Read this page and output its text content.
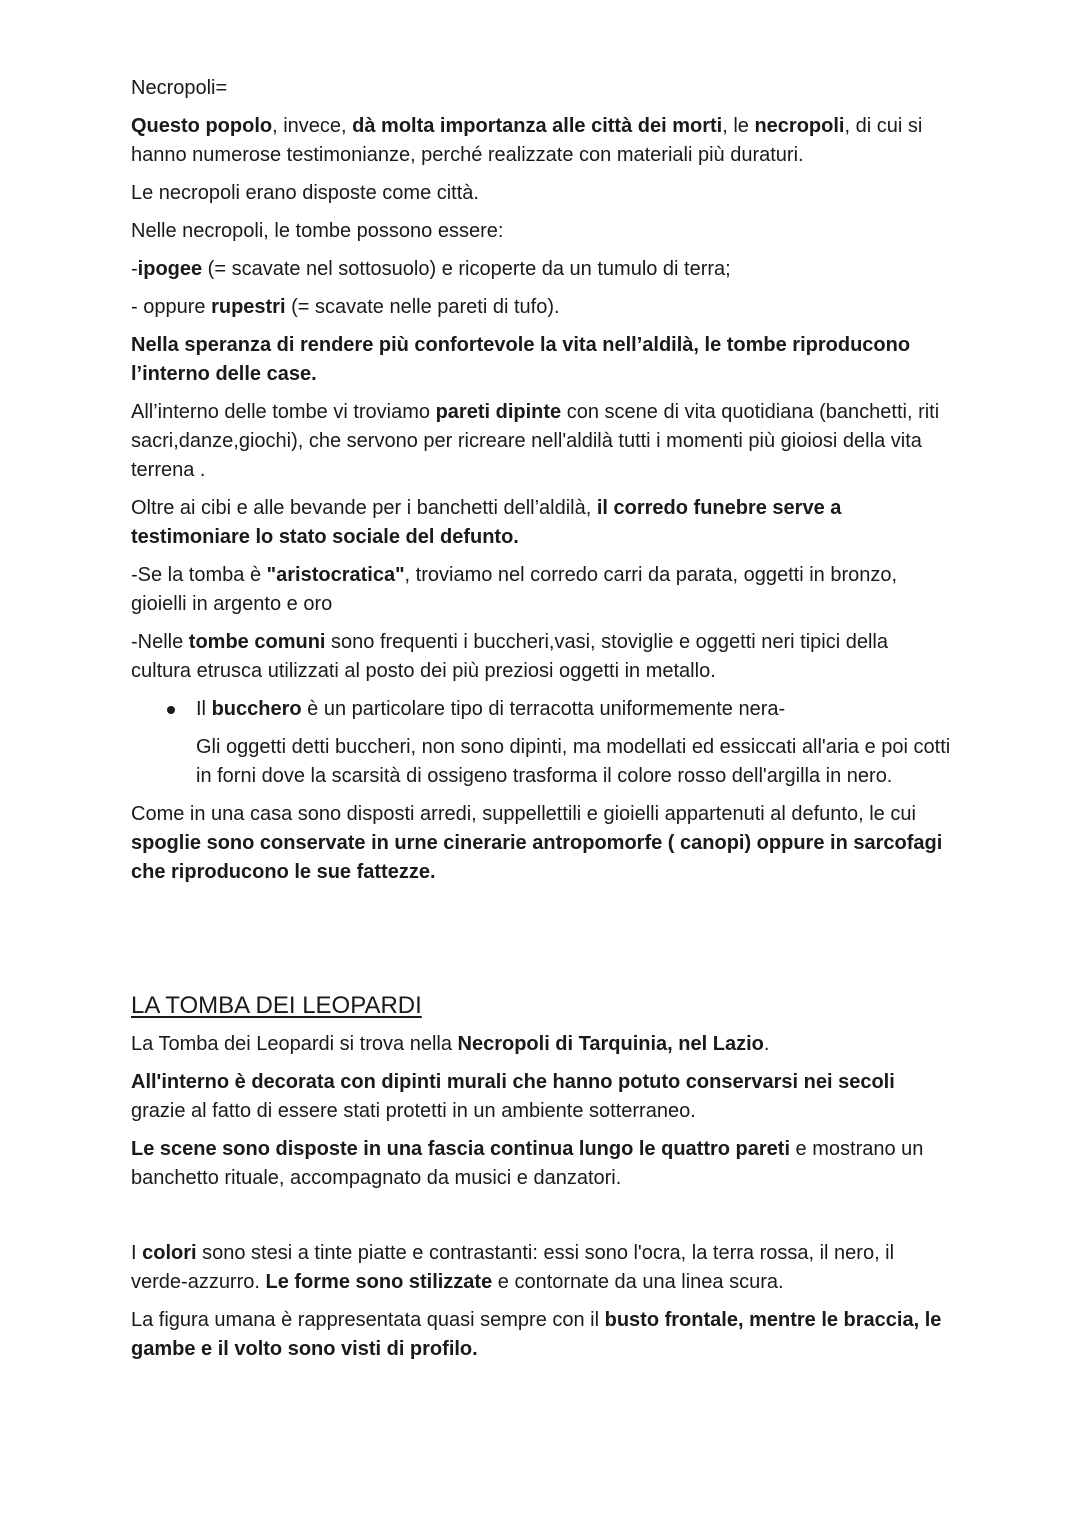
Necropoli=

Questo popolo, invece, dà molta importanza alle città dei morti, le necropoli, di cui si hanno numerose testimonianze, perché realizzate con materiali più duraturi.

Le necropoli erano disposte come città.

Nelle necropoli, le tombe possono essere:

-ipogee (= scavate nel sottosuolo) e ricoperte da un tumulo di terra;

- oppure rupestri (= scavate nelle pareti di tufo).

Nella speranza di rendere più confortevole la vita nell’aldilà, le tombe riproducono l’interno delle case.

All’interno delle tombe vi troviamo pareti dipinte con scene di vita quotidiana (banchetti, riti sacri,danze,giochi), che servono per ricreare nell'aldilà tutti i momenti più gioiosi della vita terrena .

Oltre ai cibi e alle bevande per i banchetti dell’aldilà, il corredo funebre serve a testimoniare lo stato sociale del defunto.

-Se la tomba è "aristocratica", troviamo nel corredo carri da parata, oggetti in bronzo, gioielli in argento e oro

-Nelle tombe comuni sono frequenti i buccheri,vasi, stoviglie e oggetti neri tipici della cultura etrusca utilizzati al posto dei più preziosi oggetti in metallo.

Il bucchero è un particolare tipo di terracotta uniformemente nera-

Gli oggetti detti buccheri, non sono dipinti, ma modellati ed essiccati all'aria e poi cotti in forni dove la scarsità di ossigeno trasforma il colore rosso dell'argilla in nero.

Come in una casa sono disposti arredi, suppellettili e gioielli appartenuti al defunto, le cui spoglie sono conservate in urne cinerarie antropomorfe ( canopi) oppure in sarcofagi che riproducono le sue fattezze.

LA TOMBA DEI LEOPARDI

La Tomba dei Leopardi si trova nella Necropoli di Tarquinia, nel Lazio.

All'interno è decorata con dipinti murali che hanno potuto conservarsi nei secoli grazie al fatto di essere stati protetti in un ambiente sotterraneo.

Le scene sono disposte in una fascia continua lungo le quattro pareti e mostrano un banchetto rituale, accompagnato da musici e danzatori.

I colori sono stesi a tinte piatte e contrastanti: essi sono l'ocra, la terra rossa, il nero, il verde-azzurro. Le forme sono stilizzate e contornate da una linea scura.

La figura umana è rappresentata quasi sempre con il busto frontale, mentre le braccia, le gambe e il volto sono visti di profilo.
